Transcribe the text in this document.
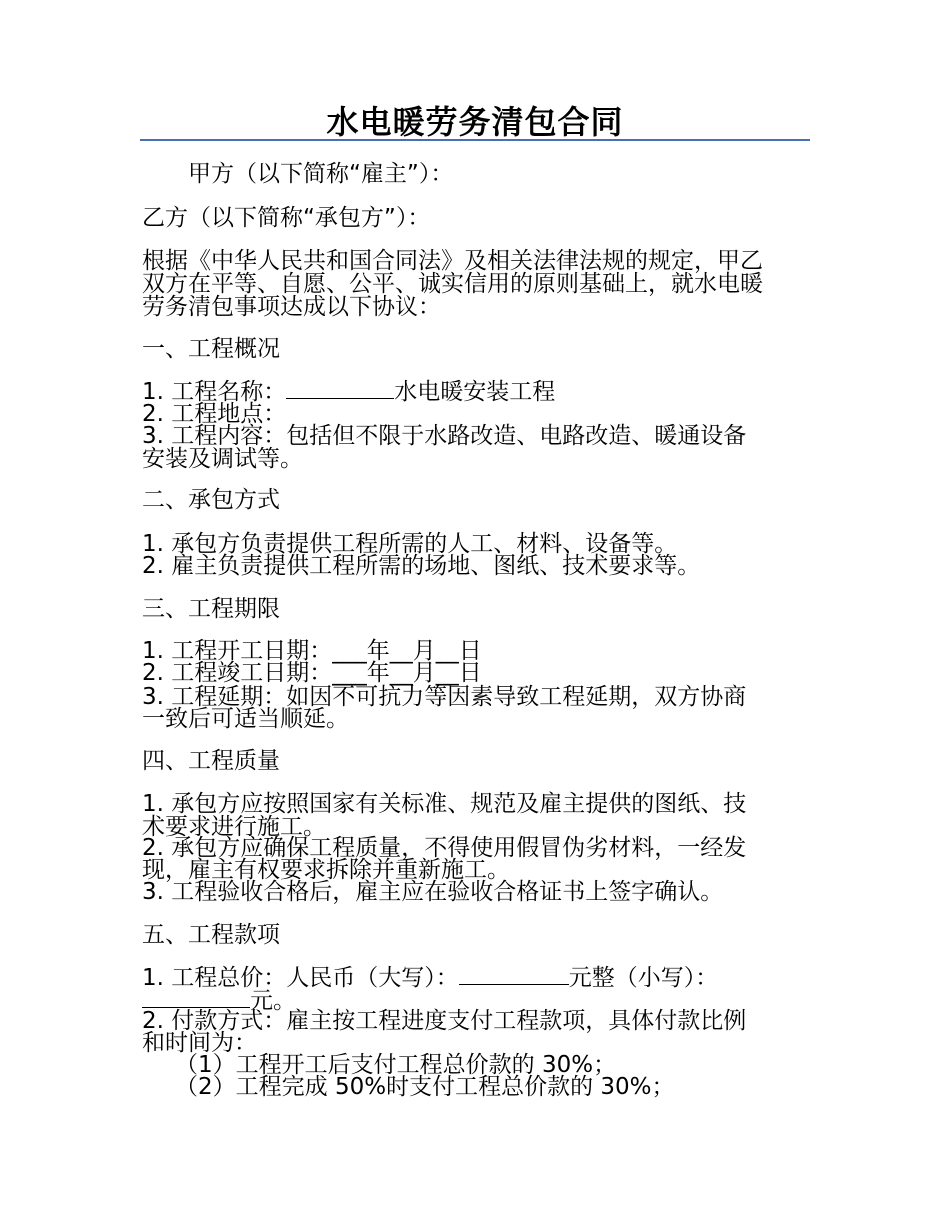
水电暖劳务清包合同
甲方（以下简称“雇主”）：
乙方（以下简称“承包方”）：
根据《中华人民共和国合同法》及相关法律法规的规定，甲乙
双方在平等、自愿、公平、诚实信用的原则基础上，就水电暖
劳务清包事项达成以下协议：
一、工程概况
1. 工程名称：	水电暖安装工程
2. 工程地点：
3. 工程内容：包括但不限于水路改造、电路改造、暖通设备
安装及调试等。
二、承包方式
1. 承包方负责提供工程所需的人工、材料、设备等。
2. 雇主负责提供工程所需的场地、图纸、技术要求等。
三、工程期限
1. 工程开工日期：___年__月__日
2. 工程竣工日期：___年__月__日
3. 工程延期：如因不可抗力等因素导致工程延期，双方协商
一致后可适当顺延。
四、工程质量
1. 承包方应按照国家有关标准、规范及雇主提供的图纸、技
术要求进行施工。
2. 承包方应确保工程质量，不得使用假冒伪劣材料，一经发
现，雇主有权要求拆除并重新施工。
3. 工程验收合格后，雇主应在验收合格证书上签字确认。
五、工程款项
1. 工程总价：人民币（大写）：	元整（小写）：
元。
2. 付款方式：雇主按工程进度支付工程款项，具体付款比例
和时间为：
（1）工程开工后支付工程总价款的 30%；
（2）工程完成 50%时支付工程总价款的 30%；
